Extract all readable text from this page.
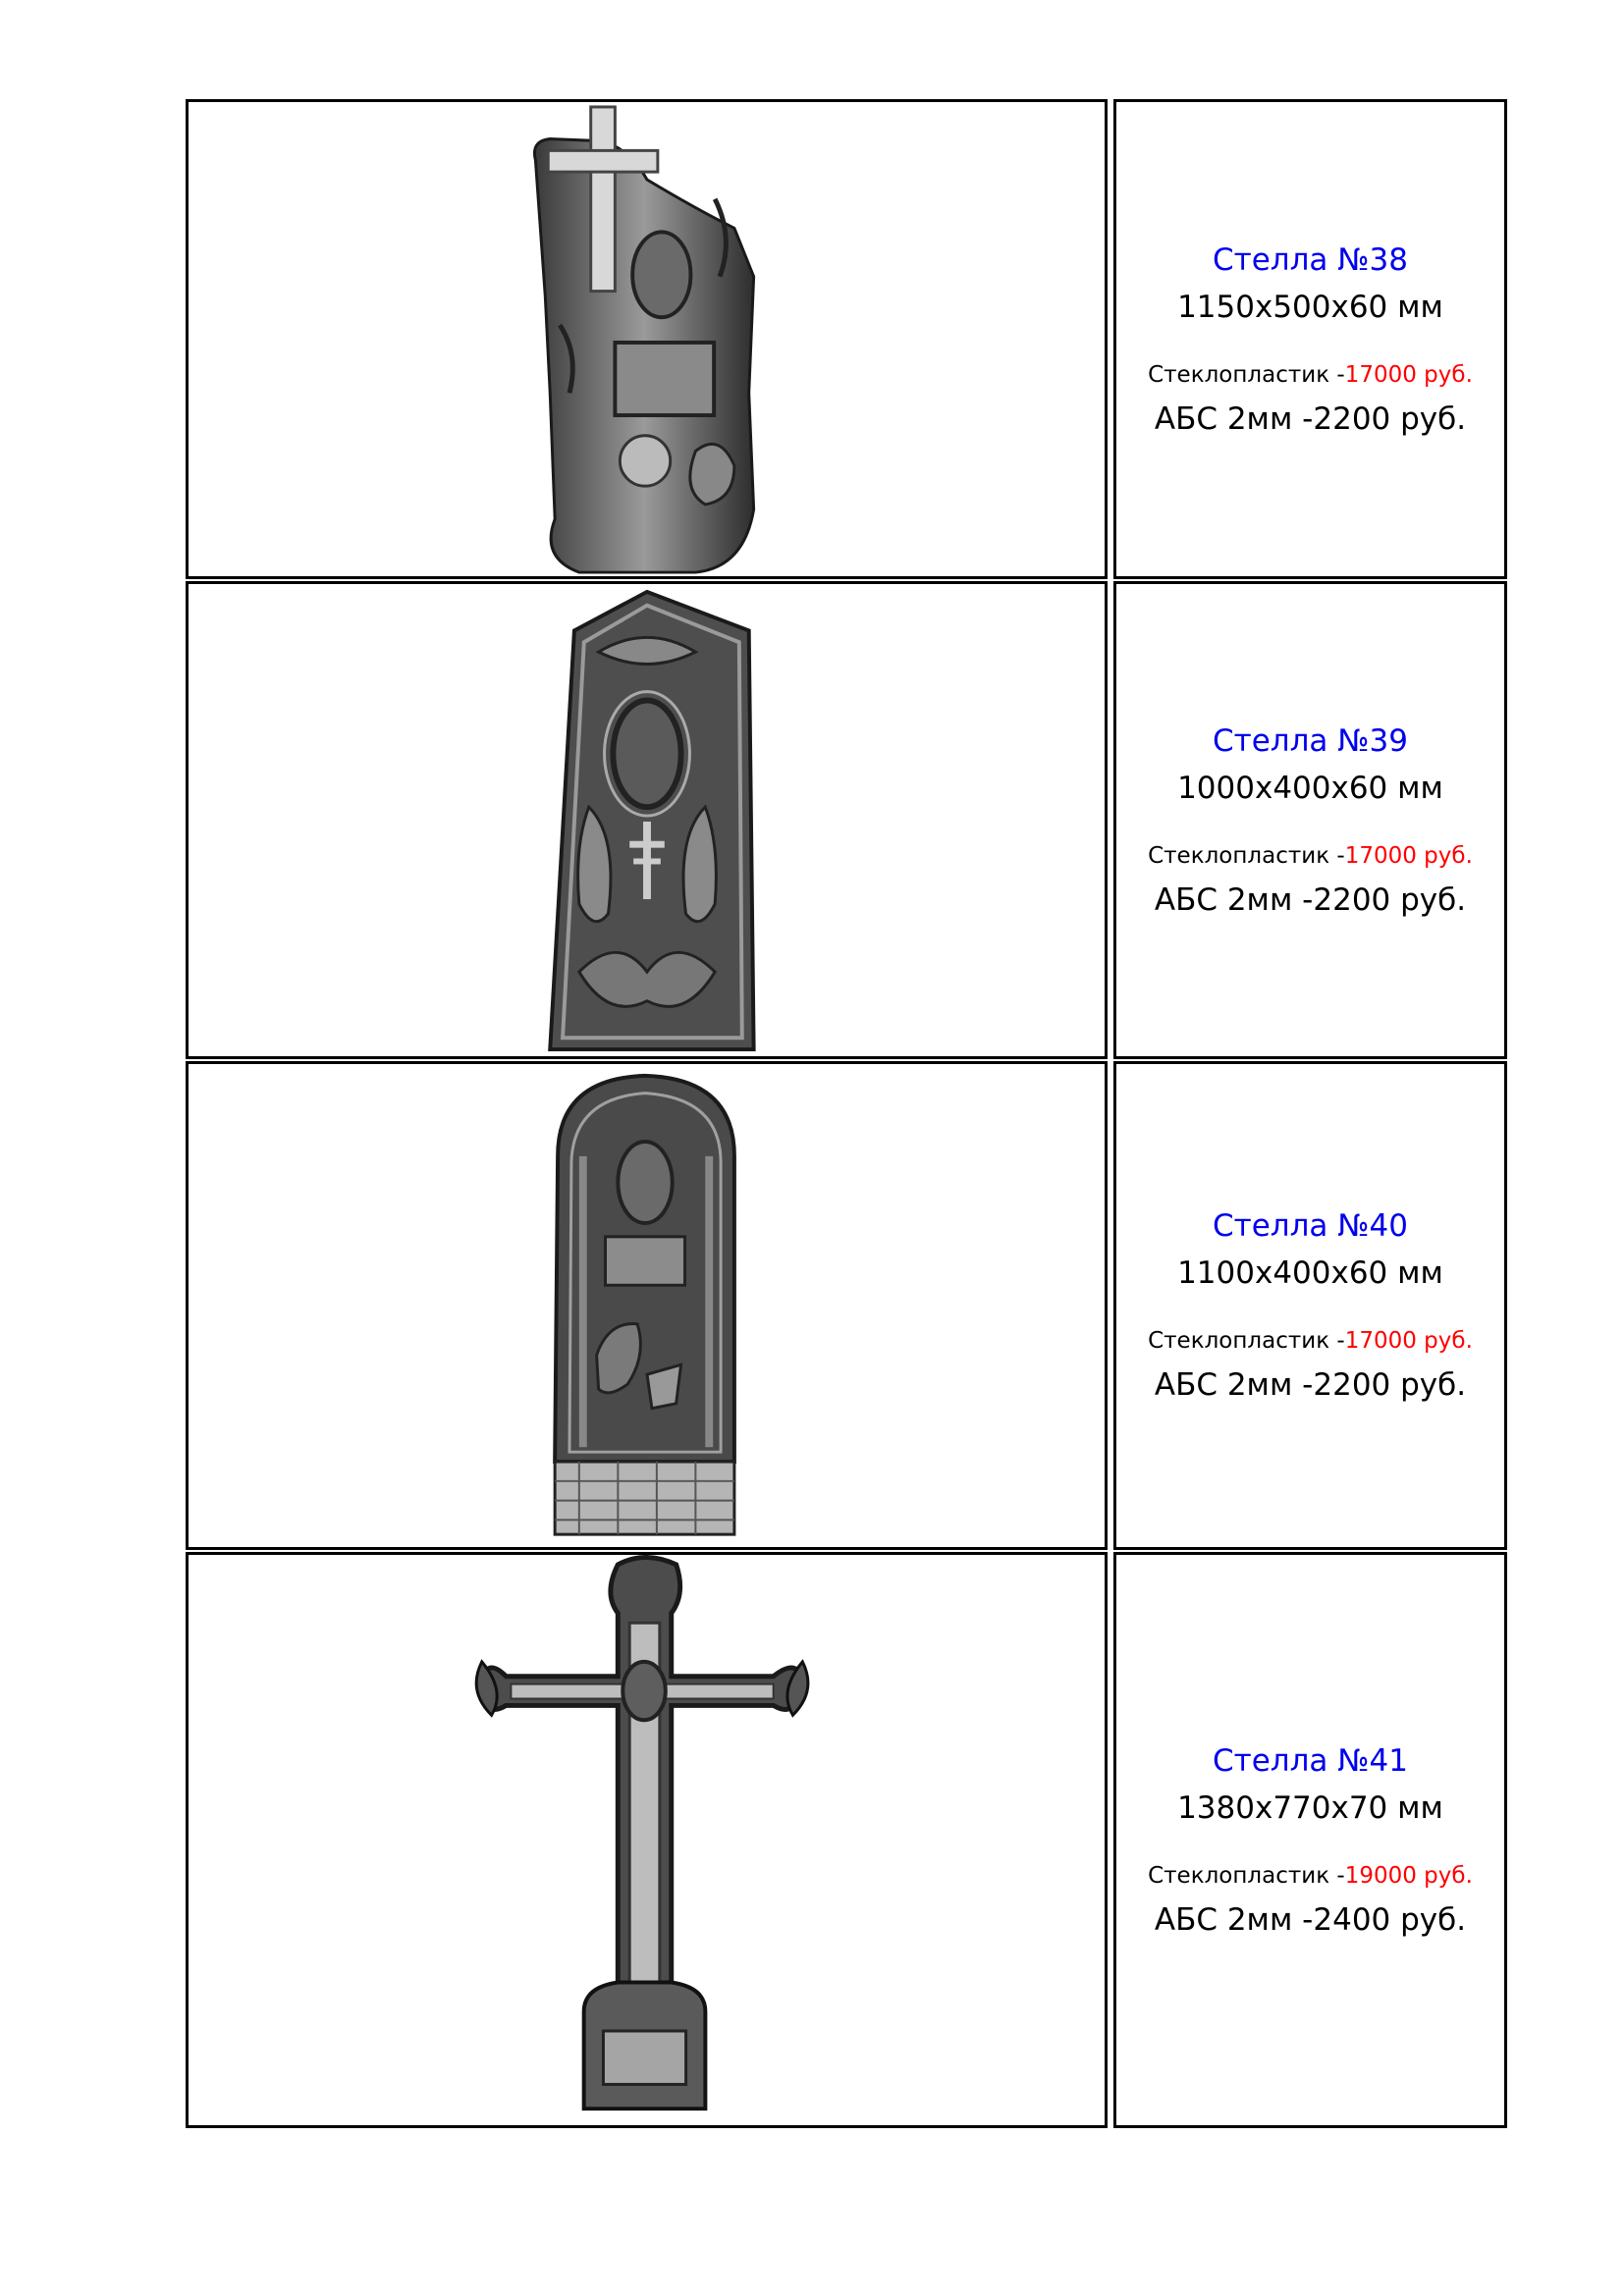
Стелла №38
1150х500х60 мм
Стеклопластик -17000 руб.
АБС 2мм -2200 руб.
Стелла №39
1000х400х60 мм
Стеклопластик -17000 руб.
АБС 2мм -2200 руб.
Стелла №40
1100х400х60 мм
Стеклопластик -17000 руб.
АБС 2мм -2200 руб.
Стелла №41
1380х770х70 мм
Стеклопластик -19000 руб.
АБС 2мм -2400 руб.
